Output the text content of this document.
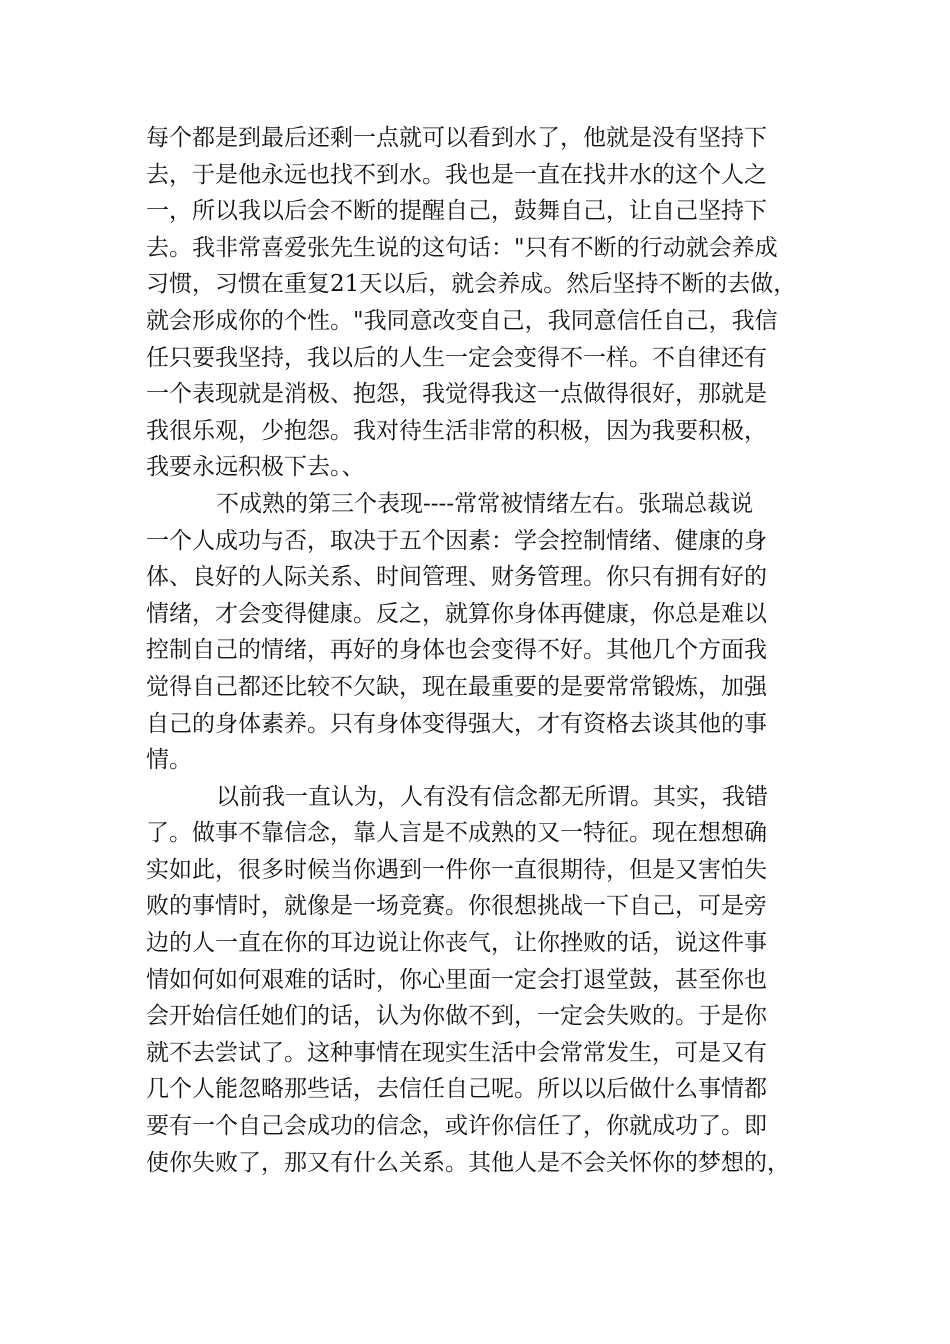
每个都是到最后还剩一点就可以看到水了，他就是没有坚持下
去，于是他永远也找不到水。我也是一直在找井水的这个人之
一，所以我以后会不断的提醒自己，鼓舞自己，让自己坚持下
去。我非常喜爱张先生说的这句话："只有不断的行动就会养成
习惯，习惯在重复21天以后，就会养成。然后坚持不断的去做，
就会形成你的个性。"我同意改变自己，我同意信任自己，我信
任只要我坚持，我以后的人生一定会变得不一样。不自律还有
一个表现就是消极、抱怨，我觉得我这一点做得很好，那就是
我很乐观，少抱怨。我对待生活非常的积极，因为我要积极，
我要永远积极下去。、
不成熟的第三个表现----常常被情绪左右。张瑞总裁说
一个人成功与否，取决于五个因素：学会控制情绪、健康的身
体、良好的人际关系、时间管理、财务管理。你只有拥有好的
情绪，才会变得健康。反之，就算你身体再健康，你总是难以
控制自己的情绪，再好的身体也会变得不好。其他几个方面我
觉得自己都还比较不欠缺，现在最重要的是要常常锻炼，加强
自己的身体素养。只有身体变得强大，才有资格去谈其他的事
情。
以前我一直认为，人有没有信念都无所谓。其实，我错
了。做事不靠信念，靠人言是不成熟的又一特征。现在想想确
实如此，很多时候当你遇到一件你一直很期待，但是又害怕失
败的事情时，就像是一场竞赛。你很想挑战一下自己，可是旁
边的人一直在你的耳边说让你丧气，让你挫败的话，说这件事
情如何如何艰难的话时，你心里面一定会打退堂鼓，甚至你也
会开始信任她们的话，认为你做不到，一定会失败的。于是你
就不去尝试了。这种事情在现实生活中会常常发生，可是又有
几个人能忽略那些话，去信任自己呢。所以以后做什么事情都
要有一个自己会成功的信念，或许你信任了，你就成功了。即
使你失败了，那又有什么关系。其他人是不会关怀你的梦想的，
